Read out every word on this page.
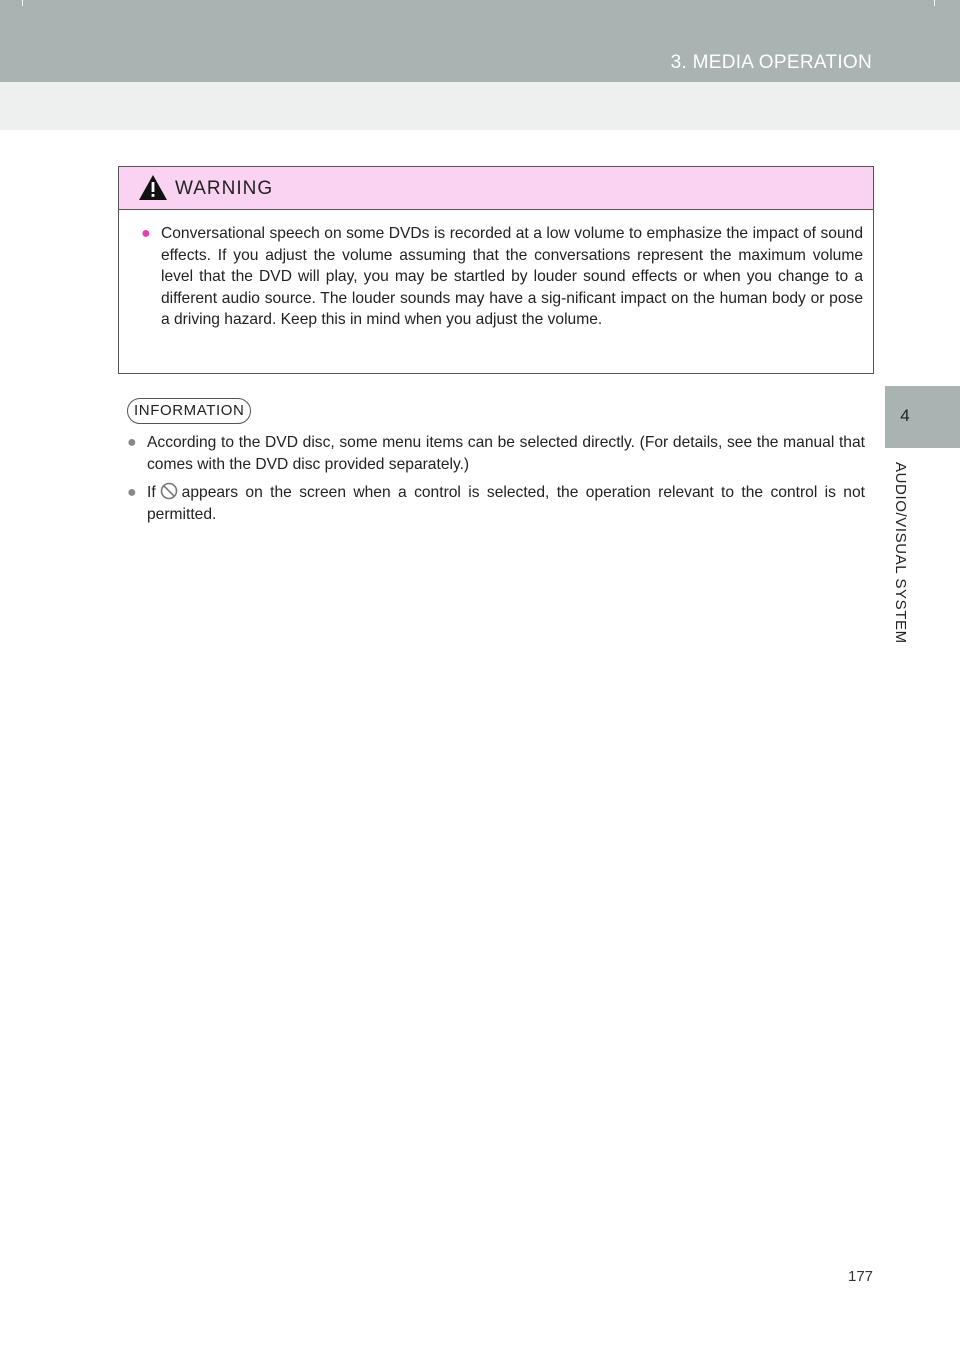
3. MEDIA OPERATION
4
AUDIO/VISUAL SYSTEM
WARNING
● Conversational speech on some DVDs is recorded at a low volume to emphasize the impact of sound effects. If you adjust the volume assuming that the conversations represent the maximum volume level that the DVD will play, you may be startled by louder sound effects or when you change to a different audio source. The louder sounds may have a sig-nificant impact on the human body or pose a driving hazard. Keep this in mind when you adjust the volume.
INFORMATION
● According to the DVD disc, some menu items can be selected directly. (For details, see the manual that comes with the DVD disc provided separately.)
● If appears on the screen when a control is selected, the operation relevant to the control is not permitted.
177
